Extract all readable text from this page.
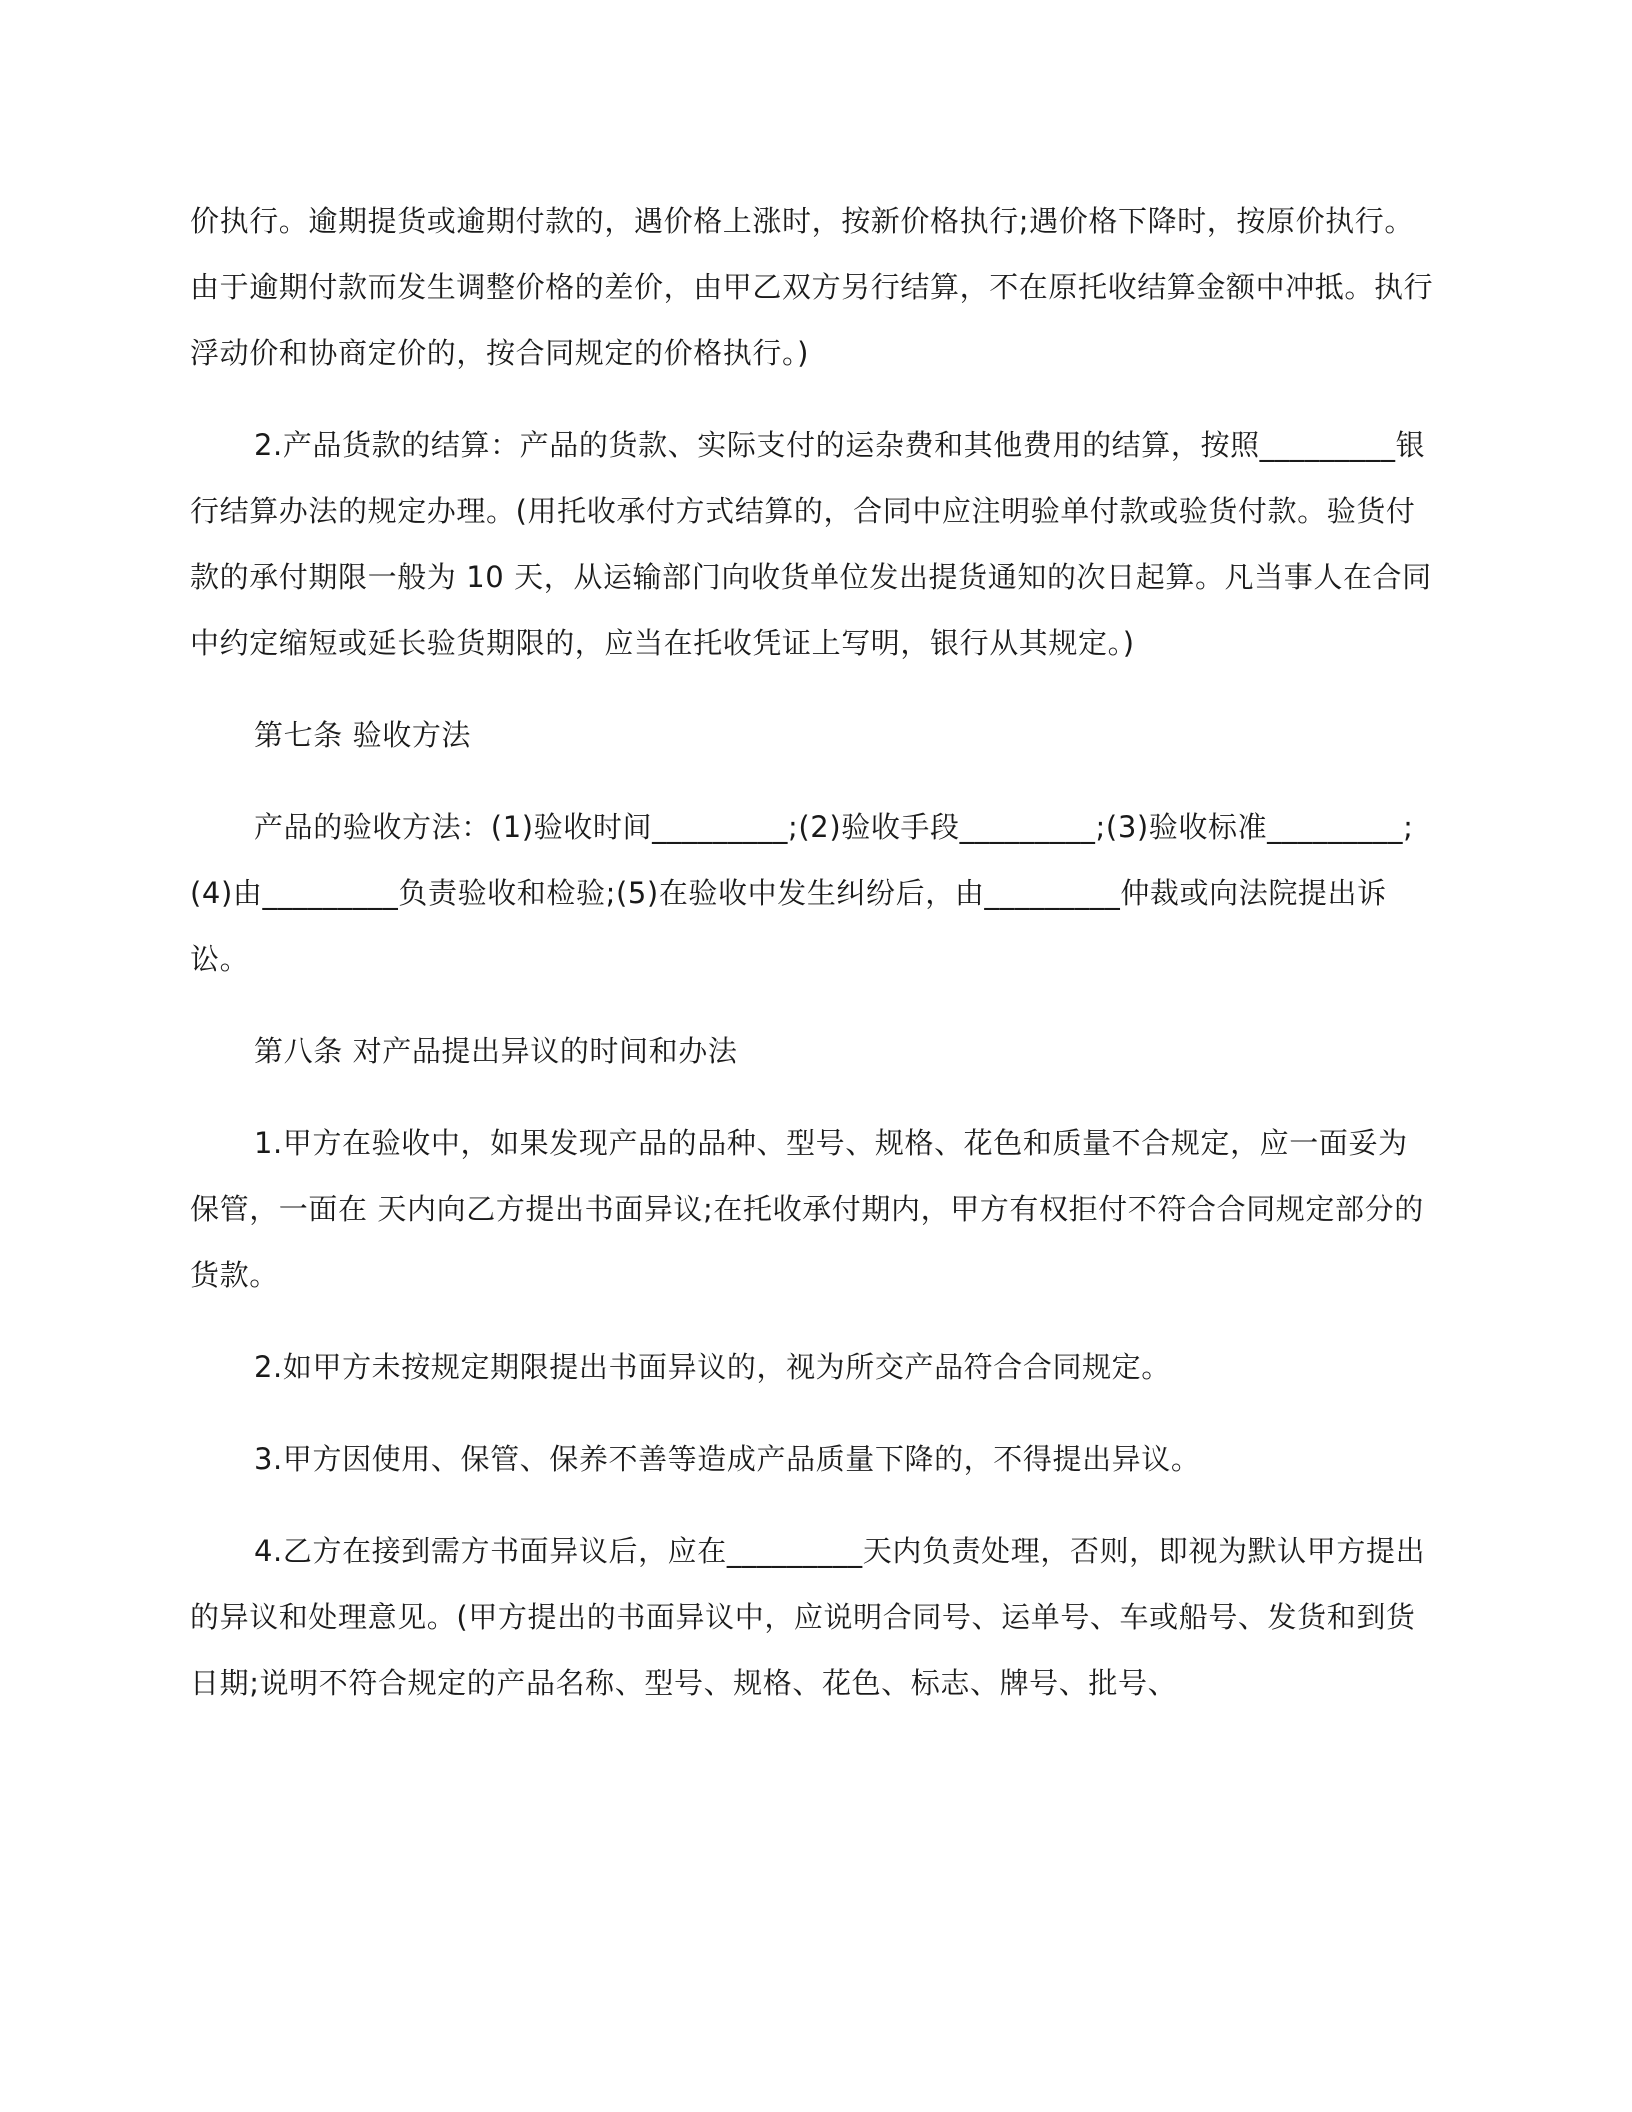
价执行。逾期提货或逾期付款的，遇价格上涨时，按新价格执行;遇价格下降时，按原价执行。由于逾期付款而发生调整价格的差价，由甲乙双方另行结算，不在原托收结算金额中冲抵。执行浮动价和协商定价的，按合同规定的价格执行。)

2.产品货款的结算：产品的货款、实际支付的运杂费和其他费用的结算，按照_________银行结算办法的规定办理。(用托收承付方式结算的，合同中应注明验单付款或验货付款。验货付款的承付期限一般为 10 天，从运输部门向收货单位发出提货通知的次日起算。凡当事人在合同中约定缩短或延长验货期限的，应当在托收凭证上写明，银行从其规定。)

第七条 验收方法

产品的验收方法：(1)验收时间_________;(2)验收手段_________;(3)验收标准_________;(4)由_________负责验收和检验;(5)在验收中发生纠纷后，由_________仲裁或向法院提出诉讼。

第八条 对产品提出异议的时间和办法

1.甲方在验收中，如果发现产品的品种、型号、规格、花色和质量不合规定，应一面妥为保管，一面在 天内向乙方提出书面异议;在托收承付期内，甲方有权拒付不符合合同规定部分的货款。

2.如甲方未按规定期限提出书面异议的，视为所交产品符合合同规定。

3.甲方因使用、保管、保养不善等造成产品质量下降的，不得提出异议。

4.乙方在接到需方书面异议后，应在_________天内负责处理，否则，即视为默认甲方提出的异议和处理意见。(甲方提出的书面异议中，应说明合同号、运单号、车或船号、发货和到货日期;说明不符合规定的产品名称、型号、规格、花色、标志、牌号、批号、
